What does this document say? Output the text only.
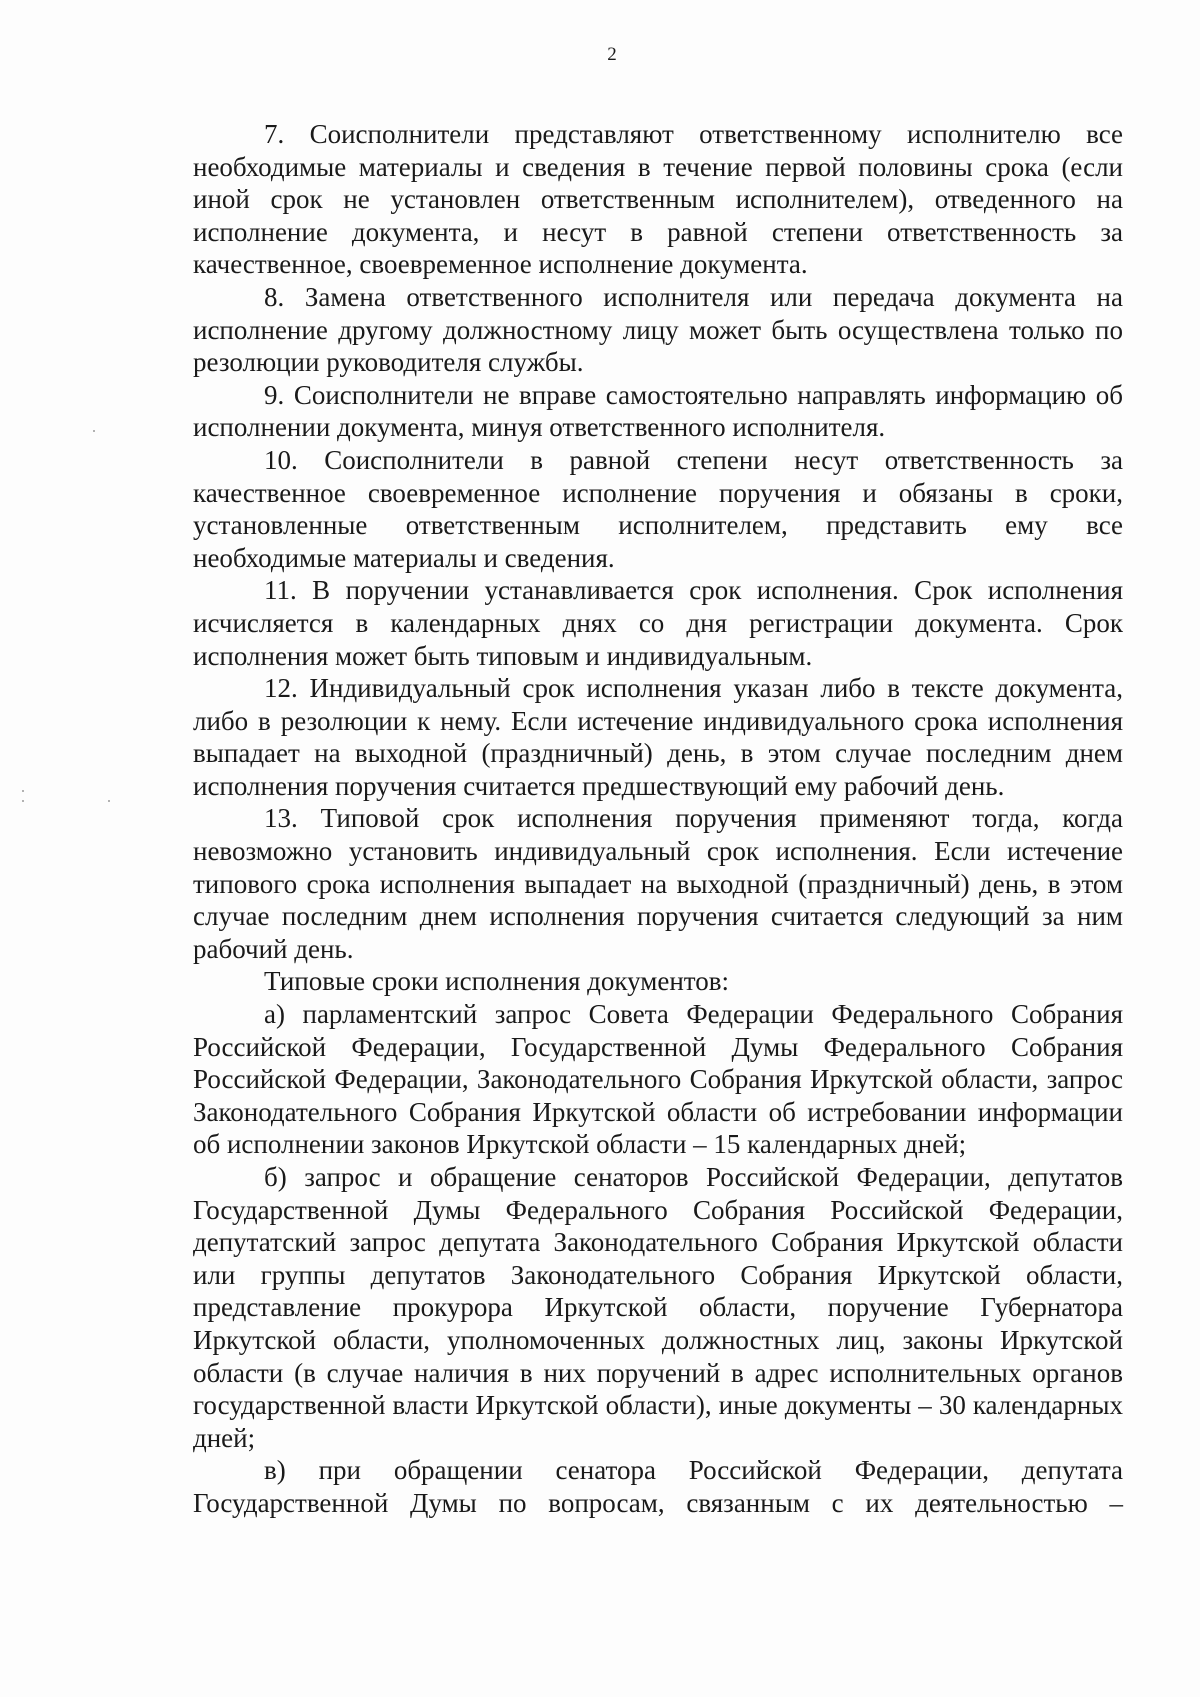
2

7. Соисполнители представляют ответственному исполнителю все необходимые материалы и сведения в течение первой половины срока (если иной срок не установлен ответственным исполнителем), отведенного на исполнение документа, и несут в равной степени ответственность за качественное, своевременное исполнение документа.

8. Замена ответственного исполнителя или передача документа на исполнение другому должностному лицу может быть осуществлена только по резолюции руководителя службы.

9. Соисполнители не вправе самостоятельно направлять информацию об исполнении документа, минуя ответственного исполнителя.

10. Соисполнители в равной степени несут ответственность за качественное своевременное исполнение поручения и обязаны в сроки, установленные ответственным исполнителем, представить ему все необходимые материалы и сведения.

11. В поручении устанавливается срок исполнения. Срок исполнения исчисляется в календарных днях со дня регистрации документа. Срок исполнения может быть типовым и индивидуальным.

12. Индивидуальный срок исполнения указан либо в тексте документа, либо в резолюции к нему. Если истечение индивидуального срока исполнения выпадает на выходной (праздничный) день, в этом случае последним днем исполнения поручения считается предшествующий ему рабочий день.

13. Типовой срок исполнения поручения применяют тогда, когда невозможно установить индивидуальный срок исполнения. Если истечение типового срока исполнения выпадает на выходной (праздничный) день, в этом случае последним днем исполнения поручения считается следующий за ним рабочий день.

Типовые сроки исполнения документов:

а) парламентский запрос Совета Федерации Федерального Собрания Российской Федерации, Государственной Думы Федерального Собрания Российской Федерации, Законодательного Собрания Иркутской области, запрос Законодательного Собрания Иркутской области об истребовании информации об исполнении законов Иркутской области – 15 календарных дней;

б) запрос и обращение сенаторов Российской Федерации, депутатов Государственной Думы Федерального Собрания Российской Федерации, депутатский запрос депутата Законодательного Собрания Иркутской области или группы депутатов Законодательного Собрания Иркутской области, представление прокурора Иркутской области, поручение Губернатора Иркутской области, уполномоченных должностных лиц, законы Иркутской области (в случае наличия в них поручений в адрес исполнительных органов государственной власти Иркутской области), иные документы – 30 календарных дней;

в) при обращении сенатора Российской Федерации, депутата Государственной Думы по вопросам, связанным с их деятельностью –
